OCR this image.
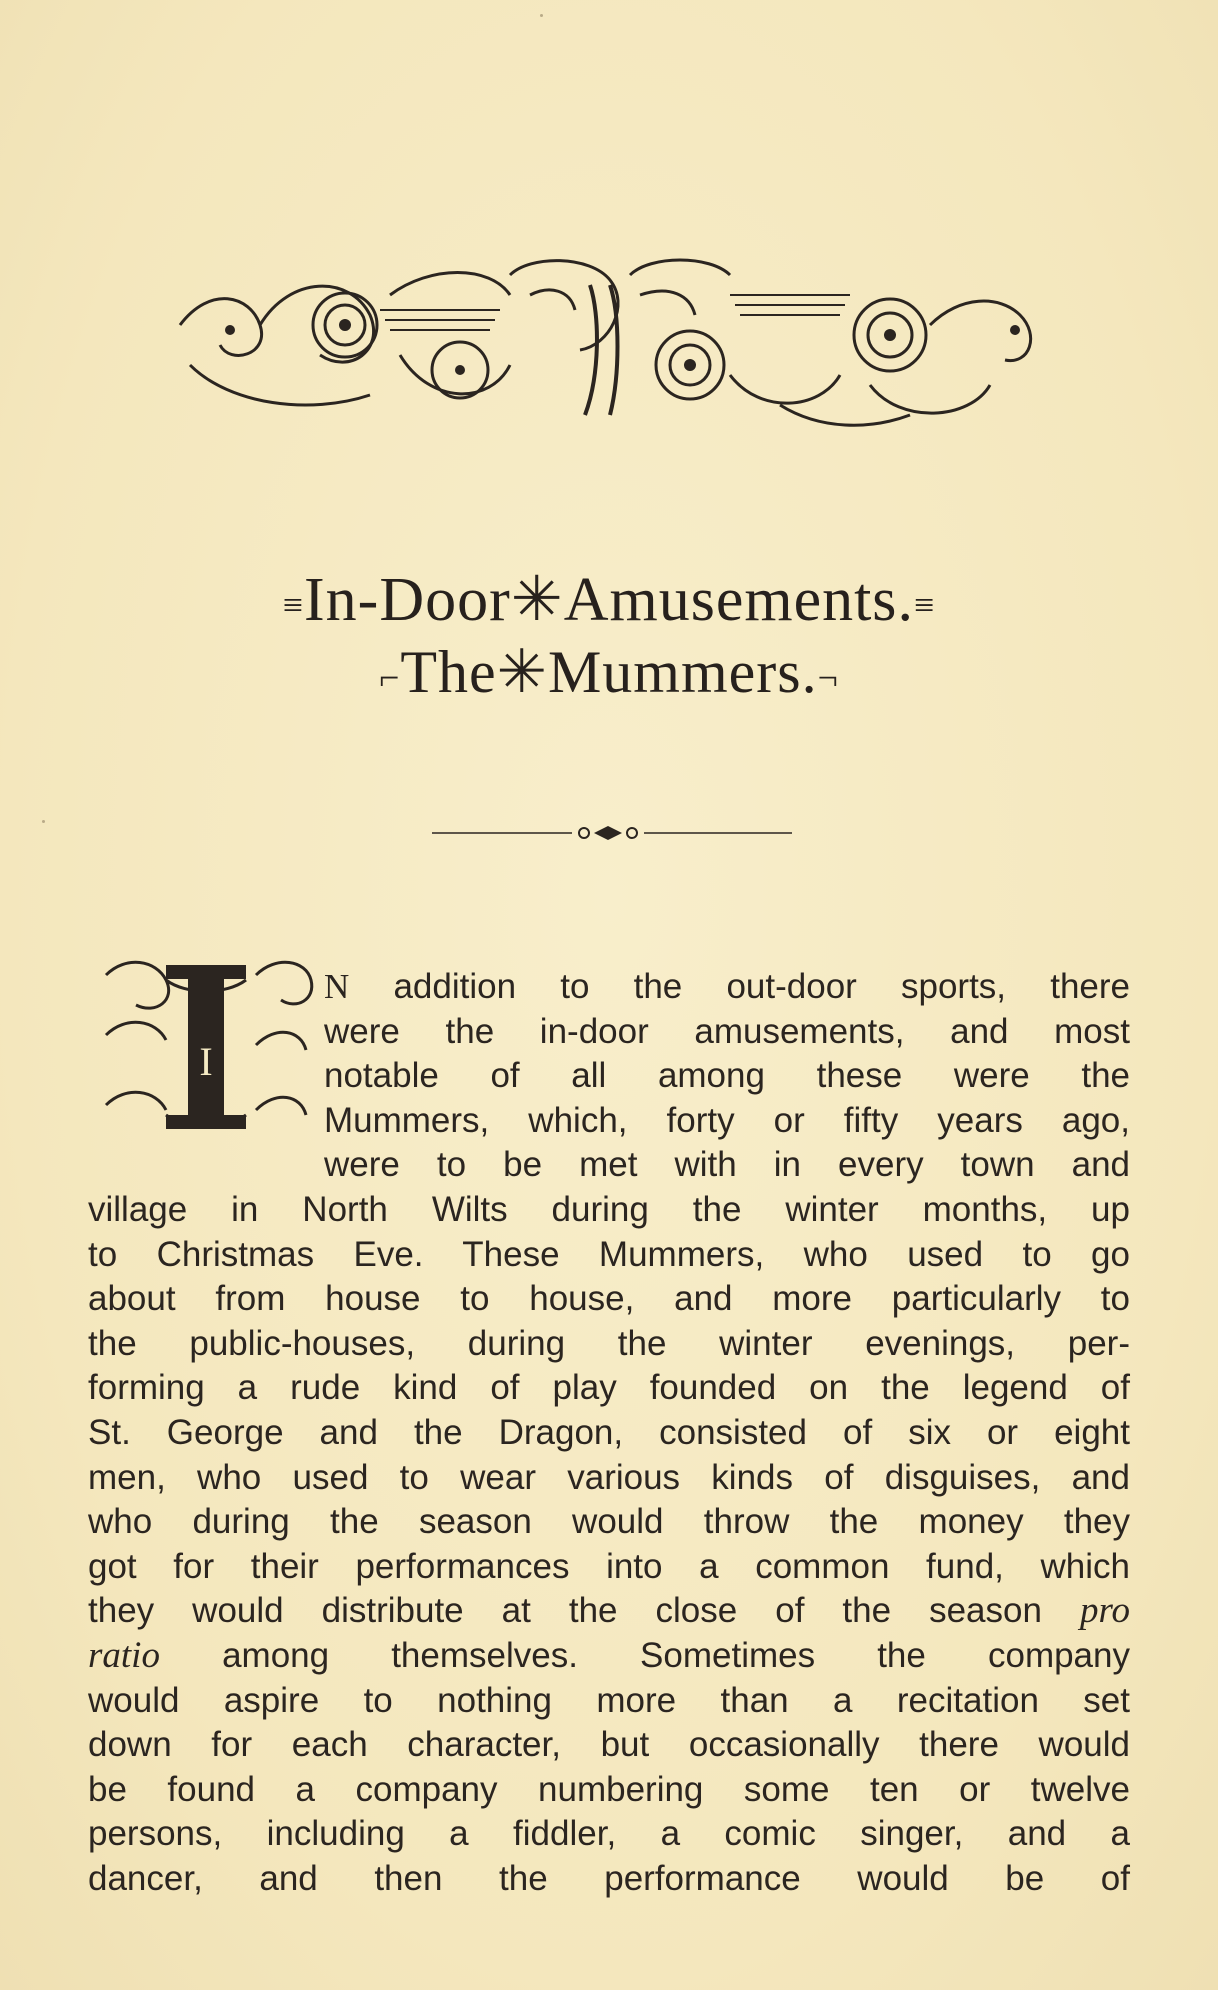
≡In-Door✳Amusements.≡
⌐The✳Mummers.¬
I
N addition to the out-door sports, there
were the in-door amusements, and most
notable of all among these were the
Mummers, which, forty or fifty years ago,
were to be met with in every town and
village in North Wilts during the winter months, up
to Christmas Eve. These Mummers, who used to go
about from house to house, and more particularly to
the public-houses, during the winter evenings, per-
forming a rude kind of play founded on the legend of
St. George and the Dragon, consisted of six or eight
men, who used to wear various kinds of disguises, and
who during the season would throw the money they
got for their performances into a common fund, which
they would distribute at the close of the season pro
ratio among themselves. Sometimes the company
would aspire to nothing more than a recitation set
down for each character, but occasionally there would
be found a company numbering some ten or twelve
persons, including a fiddler, a comic singer, and a
dancer, and then the performance would be of
